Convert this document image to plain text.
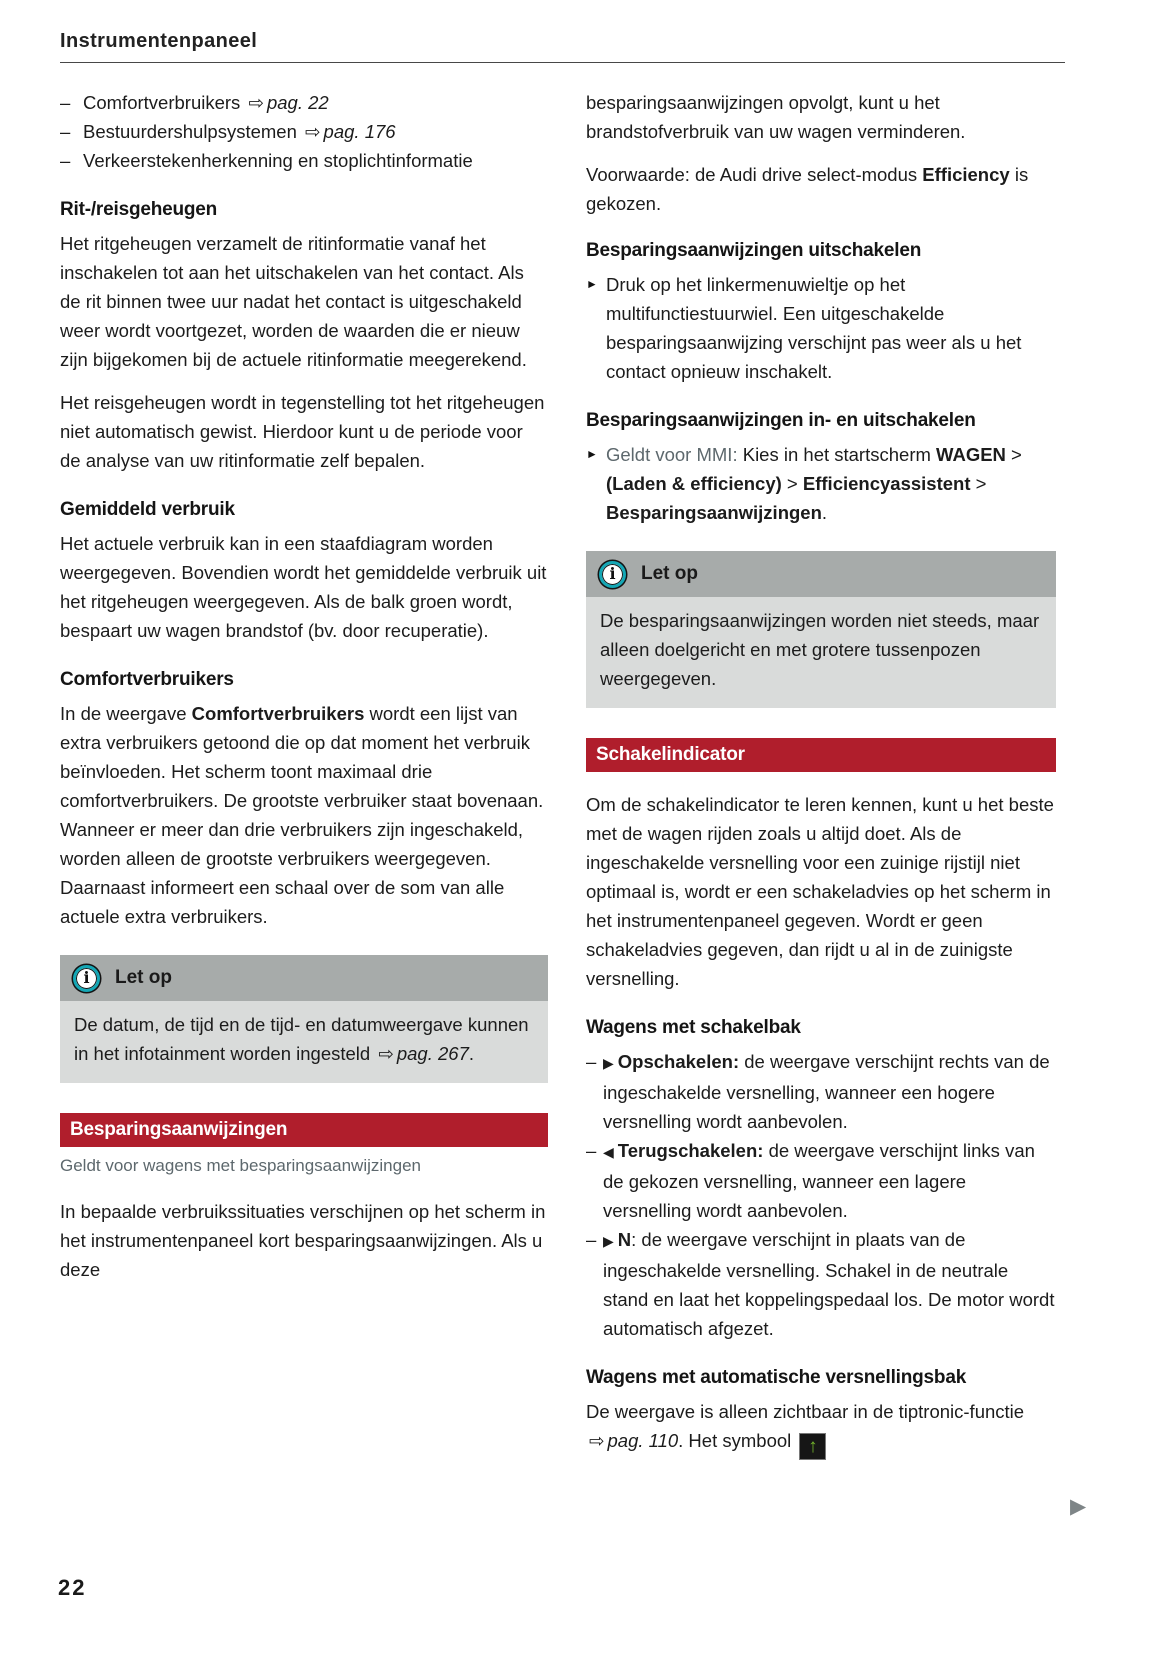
Instrumentenpaneel
– Comfortverbruikers ⇨ pag. 22
– Bestuurdershulpsystemen ⇨ pag. 176
– Verkeerstekenherkenning en stoplichtinformatie
Rit-/reisgeheugen

Het ritgeheugen verzamelt de ritinformatie vanaf het inschakelen tot aan het uitschakelen van het contact. Als de rit binnen twee uur nadat het contact is uitgeschakeld weer wordt voortgezet, worden de waarden die er nieuw zijn bijgekomen bij de actuele ritinformatie meegerekend.

Het reisgeheugen wordt in tegenstelling tot het ritgeheugen niet automatisch gewist. Hierdoor kunt u de periode voor de analyse van uw ritinformatie zelf bepalen.

Gemiddeld verbruik

Het actuele verbruik kan in een staafdiagram worden weergegeven. Bovendien wordt het gemiddelde verbruik uit het ritgeheugen weergegeven. Als de balk groen wordt, bespaart uw wagen brandstof (bv. door recuperatie).

Comfortverbruikers

In de weergave Comfortverbruikers wordt een lijst van extra verbruikers getoond die op dat moment het verbruik beïnvloeden. Het scherm toont maximaal drie comfortverbruikers. De grootste verbruiker staat bovenaan. Wanneer er meer dan drie verbruikers zijn ingeschakeld, worden alleen de grootste verbruikers weergegeven. Daarnaast informeert een schaal over de som van alle actuele extra verbruikers.

i Let op
De datum, de tijd en de tijd- en datumweergave kunnen in het infotainment worden ingesteld ⇨ pag. 267.
Besparingsaanwijzingen
Geldt voor wagens met besparingsaanwijzingen

In bepaalde verbruikssituaties verschijnen op het scherm in het instrumentenpaneel kort besparingsaanwijzingen. Als u deze

besparingsaanwijzingen opvolgt, kunt u het brandstofverbruik van uw wagen verminderen.

Voorwaarde: de Audi drive select-modus Efficiency is gekozen.

Besparingsaanwijzingen uitschakelen
► Druk op het linkermenuwieltje op het multifunctiestuurwiel. Een uitgeschakelde besparingsaanwijzing verschijnt pas weer als u het contact opnieuw inschakelt.
Besparingsaanwijzingen in- en uitschakelen
► Geldt voor MMI: Kies in het startscherm WAGEN > (Laden & efficiency) > Efficiencyassistent > Besparingsaanwijzingen.
i Let op
De besparingsaanwijzingen worden niet steeds, maar alleen doelgericht en met grotere tussenpozen weergegeven.
Schakelindicator

Om de schakelindicator te leren kennen, kunt u het beste met de wagen rijden zoals u altijd doet. Als de ingeschakelde versnelling voor een zuinige rijstijl niet optimaal is, wordt er een schakeladvies op het scherm in het instrumentenpaneel gegeven. Wordt er geen schakeladvies gegeven, dan rijdt u al in de zuinigste versnelling.

Wagens met schakelbak
– ▶ Opschakelen: de weergave verschijnt rechts van de ingeschakelde versnelling, wanneer een hogere versnelling wordt aanbevolen.
– ◀ Terugschakelen: de weergave verschijnt links van de gekozen versnelling, wanneer een lagere versnelling wordt aanbevolen.
– ▶ N: de weergave verschijnt in plaats van de ingeschakelde versnelling. Schakel in de neutrale stand en laat het koppelingspedaal los. De motor wordt automatisch afgezet.
Wagens met automatische versnellingsbak

De weergave is alleen zichtbaar in de tiptronic-functie ⇨ pag. 110. Het symbool ↑

22
▶
